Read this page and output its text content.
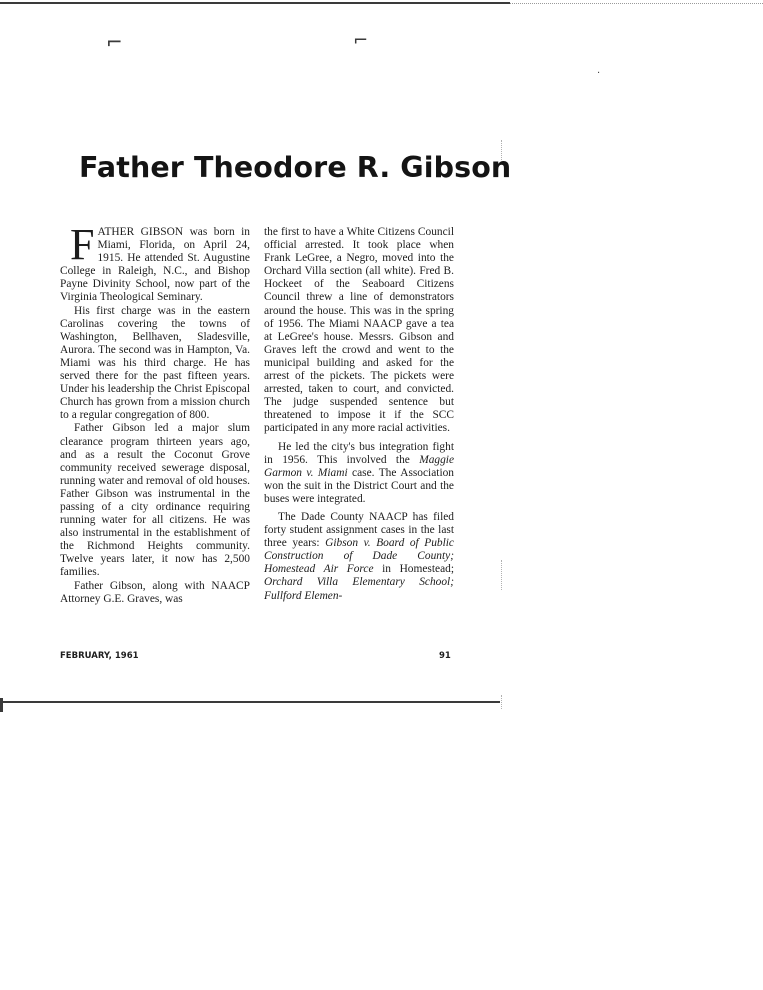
⌐	⌐
·
Father Theodore R. Gibson

FATHER GIBSON was born in Miami, Florida, on April 24, 1915. He attended St. Augustine College in Raleigh, N.C., and Bishop Payne Divinity School, now part of the Virginia Theological Seminary.

His first charge was in the eastern Carolinas covering the towns of Washington, Bellhaven, Sladesville, Aurora. The second was in Hampton, Va. Miami was his third charge. He has served there for the past fifteen years. Under his leadership the Christ Episcopal Church has grown from a mission church to a regular congregation of 800.

Father Gibson led a major slum clearance program thirteen years ago, and as a result the Coconut Grove community received sewerage disposal, running water and removal of old houses. Father Gibson was instrumental in the passing of a city ordinance requiring running water for all citizens. He was also instrumental in the establishment of the Richmond Heights community. Twelve years later, it now has 2,500 families.

Father Gibson, along with NAACP Attorney G.E. Graves, was

the first to have a White Citizens Council official arrested. It took place when Frank LeGree, a Negro, moved into the Orchard Villa section (all white). Fred B. Hockeet of the Seaboard Citizens Council threw a line of demonstrators around the house. This was in the spring of 1956. The Miami NAACP gave a tea at LeGree's house. Messrs. Gibson and Graves left the crowd and went to the municipal building and asked for the arrest of the pickets. The pickets were arrested, taken to court, and convicted. The judge suspended sentence but threatened to impose it if the SCC participated in any more racial activities.

He led the city's bus integration fight in 1956. This involved the Maggie Garmon v. Miami case. The Association won the suit in the District Court and the buses were integrated.

The Dade County NAACP has filed forty student assignment cases in the last three years: Gibson v. Board of Public Construction of Dade County; Homestead Air Force in Homestead; Orchard Villa Elementary School; Fullford Elemen-

FEBRUARY, 1961	91
